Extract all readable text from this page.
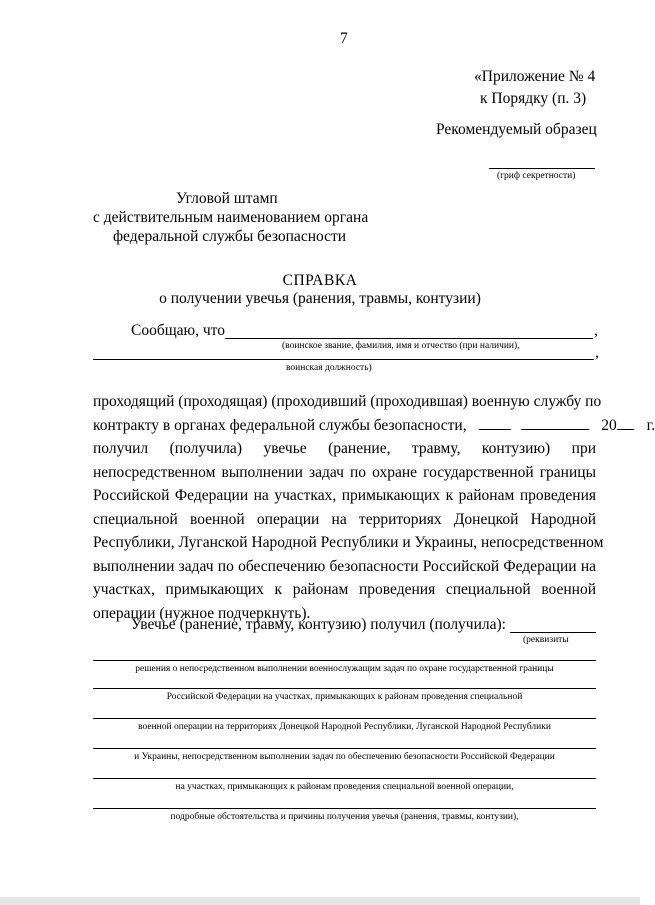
7
«Приложение № 4
к Порядку (п. 3)
Рекомендуемый образец
(гриф секретности)
Угловой штамп
с действительным наименованием органа
федеральной службы безопасности
СПРАВКА
о получении увечья (ранения, травмы, контузии)
Сообщаю, что	,
(воинское звание, фамилия, имя и отчество (при наличии),	,
воинская должность)
проходящий (проходящая) (проходивший (проходившая) военную службу по
контракту в органах федеральной службы безопасности,	20 г.
получил (получила) увечье (ранение, травму, контузию) при
непосредственном выполнении задач по охране государственной границы
Российской Федерации на участках, примыкающих к районам проведения
специальной военной операции на территориях Донецкой Народной
Республики, Луганской Народной Республики и Украины, непосредственном
выполнении задач по обеспечению безопасности Российской Федерации на
участках, примыкающих к районам проведения специальной военной
операции (нужное подчеркнуть).
Увечье (ранение, травму, контузию) получил (получила):
(реквизиты
решения о непосредственном выполнении военнослужащим задач по охране государственной границы
Российской Федерации на участках, примыкающих к районам проведения специальной
военной операции на территориях Донецкой Народной Республики, Луганской Народной Республики
и Украины, непосредственном выполнении задач по обеспечению безопасности Российской Федерации
на участках, примыкающих к районам проведения специальной военной операции,
подробные обстоятельства и причины получения увечья (ранения, травмы, контузии),
